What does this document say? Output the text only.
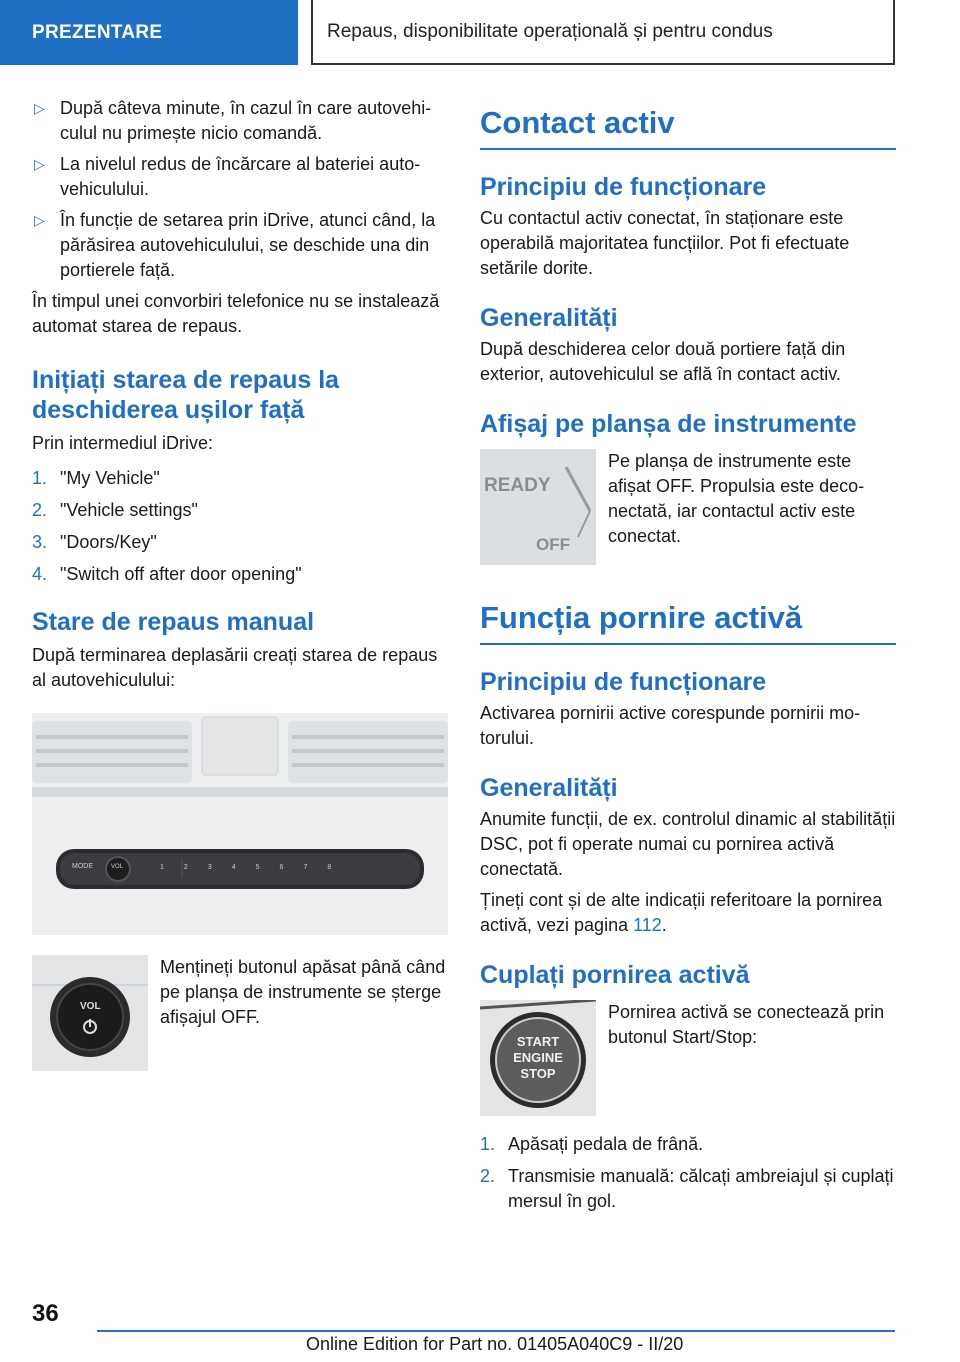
PREZENTARE	Repaus, disponibilitate operațională și pentru condus
▷ După câteva minute, în cazul în care autovehiculul nu primește nicio comandă.
▷ La nivelul redus de încărcare al bateriei autovehiculului.
▷ În funcție de setarea prin iDrive, atunci când, la părăsirea autovehiculului, se deschide una din portierele față.

În timpul unei convorbiri telefonice nu se instalează automat starea de repaus.

Inițiați starea de repaus la deschiderea ușilor față

Prin intermediul iDrive:

1. "My Vehicle"
2. "Vehicle settings"
3. "Doors/Key"
4. "Switch off after door opening"
Stare de repaus manual

După terminarea deplasării creați starea de repaus al autovehiculului:

MODE	VOL	1	2	3	4	5	6	7	8
VOL

Mențineți butonul apăsat până când pe planșa de instrumente se șterge afișajul OFF.

Contact activ
Principiu de funcționare

Cu contactul activ conectat, în staționare este operabilă majoritatea funcțiilor. Pot fi efectuate setările dorite.

Generalități

După deschiderea celor două portiere față din exterior, autovehiculul se află în contact activ.

Afișaj pe planșa de instrumente
READY
OFF

Pe planșa de instrumente este afișat OFF. Propulsia este deconectată, iar contactul activ este conectat.

Funcția pornire activă
Principiu de funcționare

Activarea pornirii active corespunde pornirii motorului.

Generalități

Anumite funcții, de ex. controlul dinamic al stabilității DSC, pot fi operate numai cu pornirea activă conectată.

Țineți cont și de alte indicații referitoare la pornirea activă, vezi pagina 112.

Cuplați pornirea activă
START
ENGINE
STOP

Pornirea activă se conectează prin butonul Start/Stop:

1. Apăsați pedala de frână.
2. Transmisie manuală: călcați ambreiajul și cuplați mersul în gol.
36
Online Edition for Part no. 01405A040C9 - II/20
